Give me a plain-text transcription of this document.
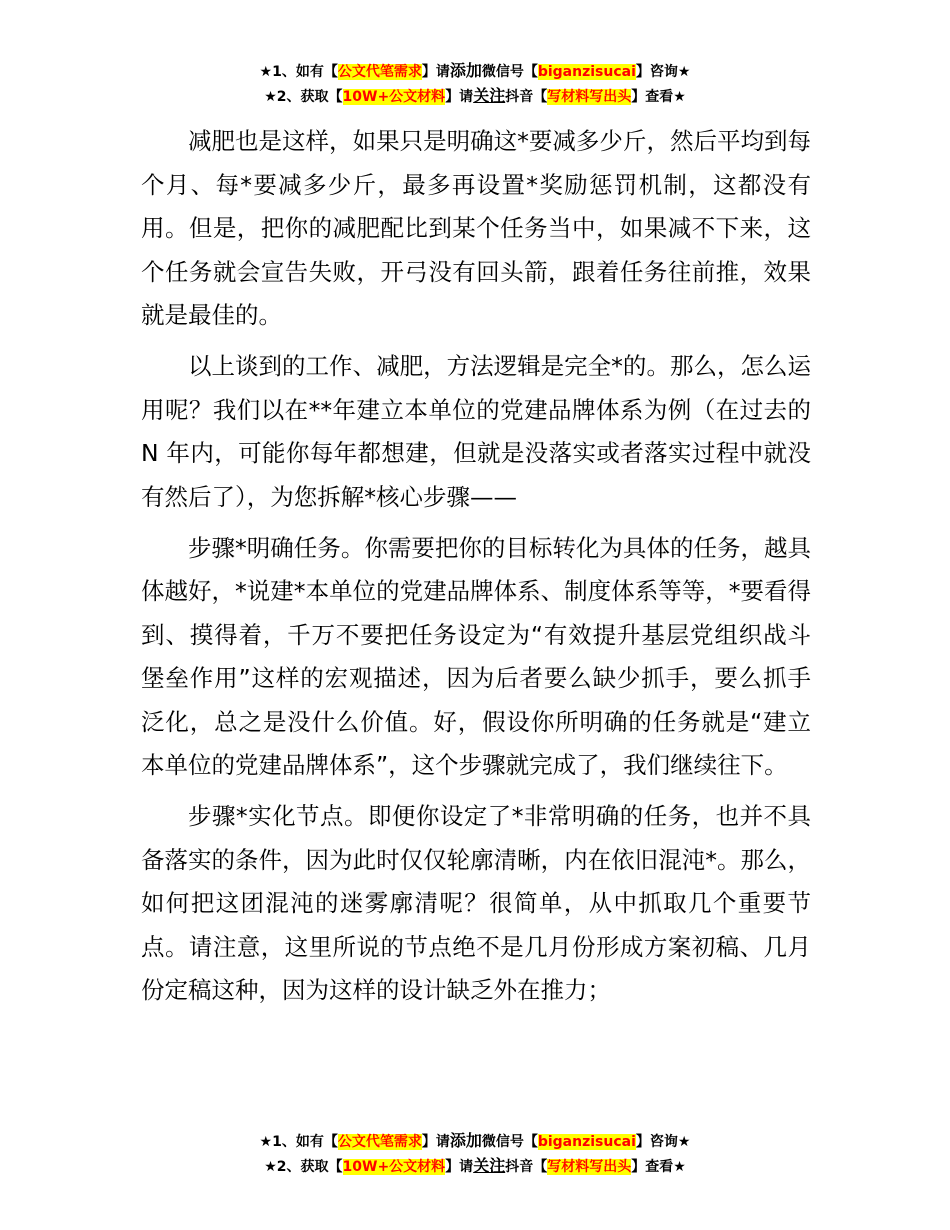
★1、如有【公文代笔需求】请添加微信号【biganzisucai】咨询★
★2、获取【10W+公文材料】请关注抖音【写材料写出头】查看★

减肥也是这样，如果只是明确这*要减多少斤，然后平均到每个月、每*要减多少斤，最多再设置*奖励惩罚机制，这都没有用。但是，把你的减肥配比到某个任务当中，如果减不下来，这个任务就会宣告失败，开弓没有回头箭，跟着任务往前推，效果就是最佳的。

以上谈到的工作、减肥，方法逻辑是完全*的。那么，怎么运用呢？我们以在**年建立本单位的党建品牌体系为例（在过去的 N 年内，可能你每年都想建，但就是没落实或者落实过程中就没有然后了），为您拆解*核心步骤——

步骤*明确任务。你需要把你的目标转化为具体的任务，越具体越好，*说建*本单位的党建品牌体系、制度体系等等，*要看得到、摸得着，千万不要把任务设定为“有效提升基层党组织战斗堡垒作用”这样的宏观描述，因为后者要么缺少抓手，要么抓手泛化，总之是没什么价值。好，假设你所明确的任务就是“建立本单位的党建品牌体系”，这个步骤就完成了，我们继续往下。

步骤*实化节点。即便你设定了*非常明确的任务，也并不具备落实的条件，因为此时仅仅轮廓清晰，内在依旧混沌*。那么，如何把这团混沌的迷雾廓清呢？很简单，从中抓取几个重要节点。请注意，这里所说的节点绝不是几月份形成方案初稿、几月份定稿这种，因为这样的设计缺乏外在推力；

★1、如有【公文代笔需求】请添加微信号【biganzisucai】咨询★
★2、获取【10W+公文材料】请关注抖音【写材料写出头】查看★
